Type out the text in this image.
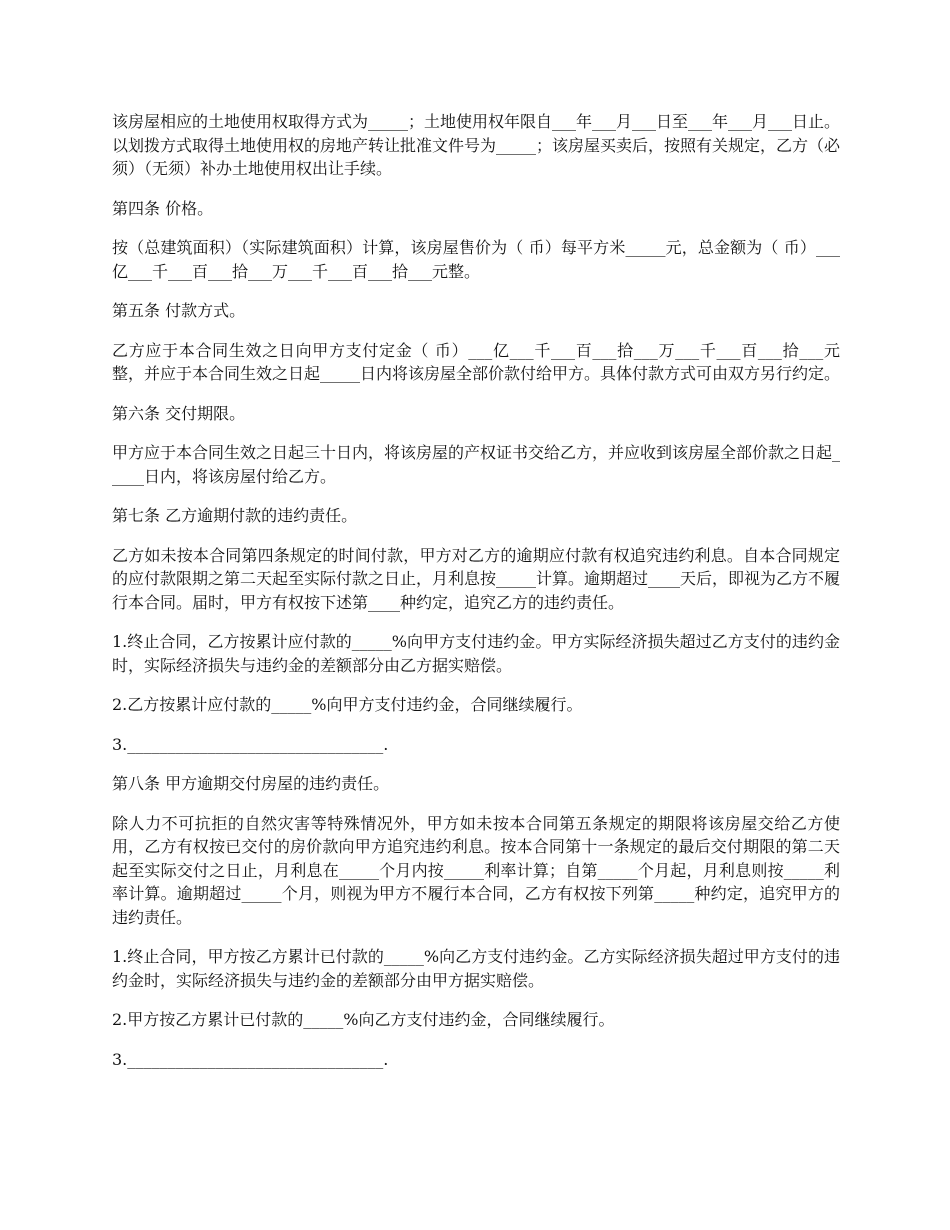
该房屋相应的土地使用权取得方式为_____；土地使用权年限自___年___月___日至___年___月___日止。以划拨方式取得土地使用权的房地产转让批准文件号为_____；该房屋买卖后，按照有关规定，乙方（必须）（无须）补办土地使用权出让手续。

第四条 价格。

按（总建筑面积）（实际建筑面积）计算，该房屋售价为（ 币）每平方米_____元，总金额为（ 币）___亿___千___百___拾___万___千___百___拾___元整。

第五条 付款方式。

乙方应于本合同生效之日向甲方支付定金（ 币）___亿___千___百___拾___万___千___百___拾___元整，并应于本合同生效之日起_____日内将该房屋全部价款付给甲方。具体付款方式可由双方另行约定。

第六条 交付期限。

甲方应于本合同生效之日起三十日内，将该房屋的产权证书交给乙方，并应收到该房屋全部价款之日起_____日内，将该房屋付给乙方。

第七条 乙方逾期付款的违约责任。

乙方如未按本合同第四条规定的时间付款，甲方对乙方的逾期应付款有权追究违约利息。自本合同规定的应付款限期之第二天起至实际付款之日止，月利息按_____计算。逾期超过____天后，即视为乙方不履行本合同。届时，甲方有权按下述第____种约定，追究乙方的违约责任。

1.终止合同，乙方按累计应付款的_____%向甲方支付违约金。甲方实际经济损失超过乙方支付的违约金时，实际经济损失与违约金的差额部分由乙方据实赔偿。

2.乙方按累计应付款的_____%向甲方支付违约金，合同继续履行。

3.________________________________.

第八条 甲方逾期交付房屋的违约责任。

除人力不可抗拒的自然灾害等特殊情况外，甲方如未按本合同第五条规定的期限将该房屋交给乙方使用，乙方有权按已交付的房价款向甲方追究违约利息。按本合同第十一条规定的最后交付期限的第二天起至实际交付之日止，月利息在_____个月内按_____利率计算；自第_____个月起，月利息则按_____利率计算。逾期超过_____个月，则视为甲方不履行本合同，乙方有权按下列第_____种约定，追究甲方的违约责任。

1.终止合同，甲方按乙方累计已付款的_____%向乙方支付违约金。乙方实际经济损失超过甲方支付的违约金时，实际经济损失与违约金的差额部分由甲方据实赔偿。

2.甲方按乙方累计已付款的_____%向乙方支付违约金，合同继续履行。

3.________________________________.
